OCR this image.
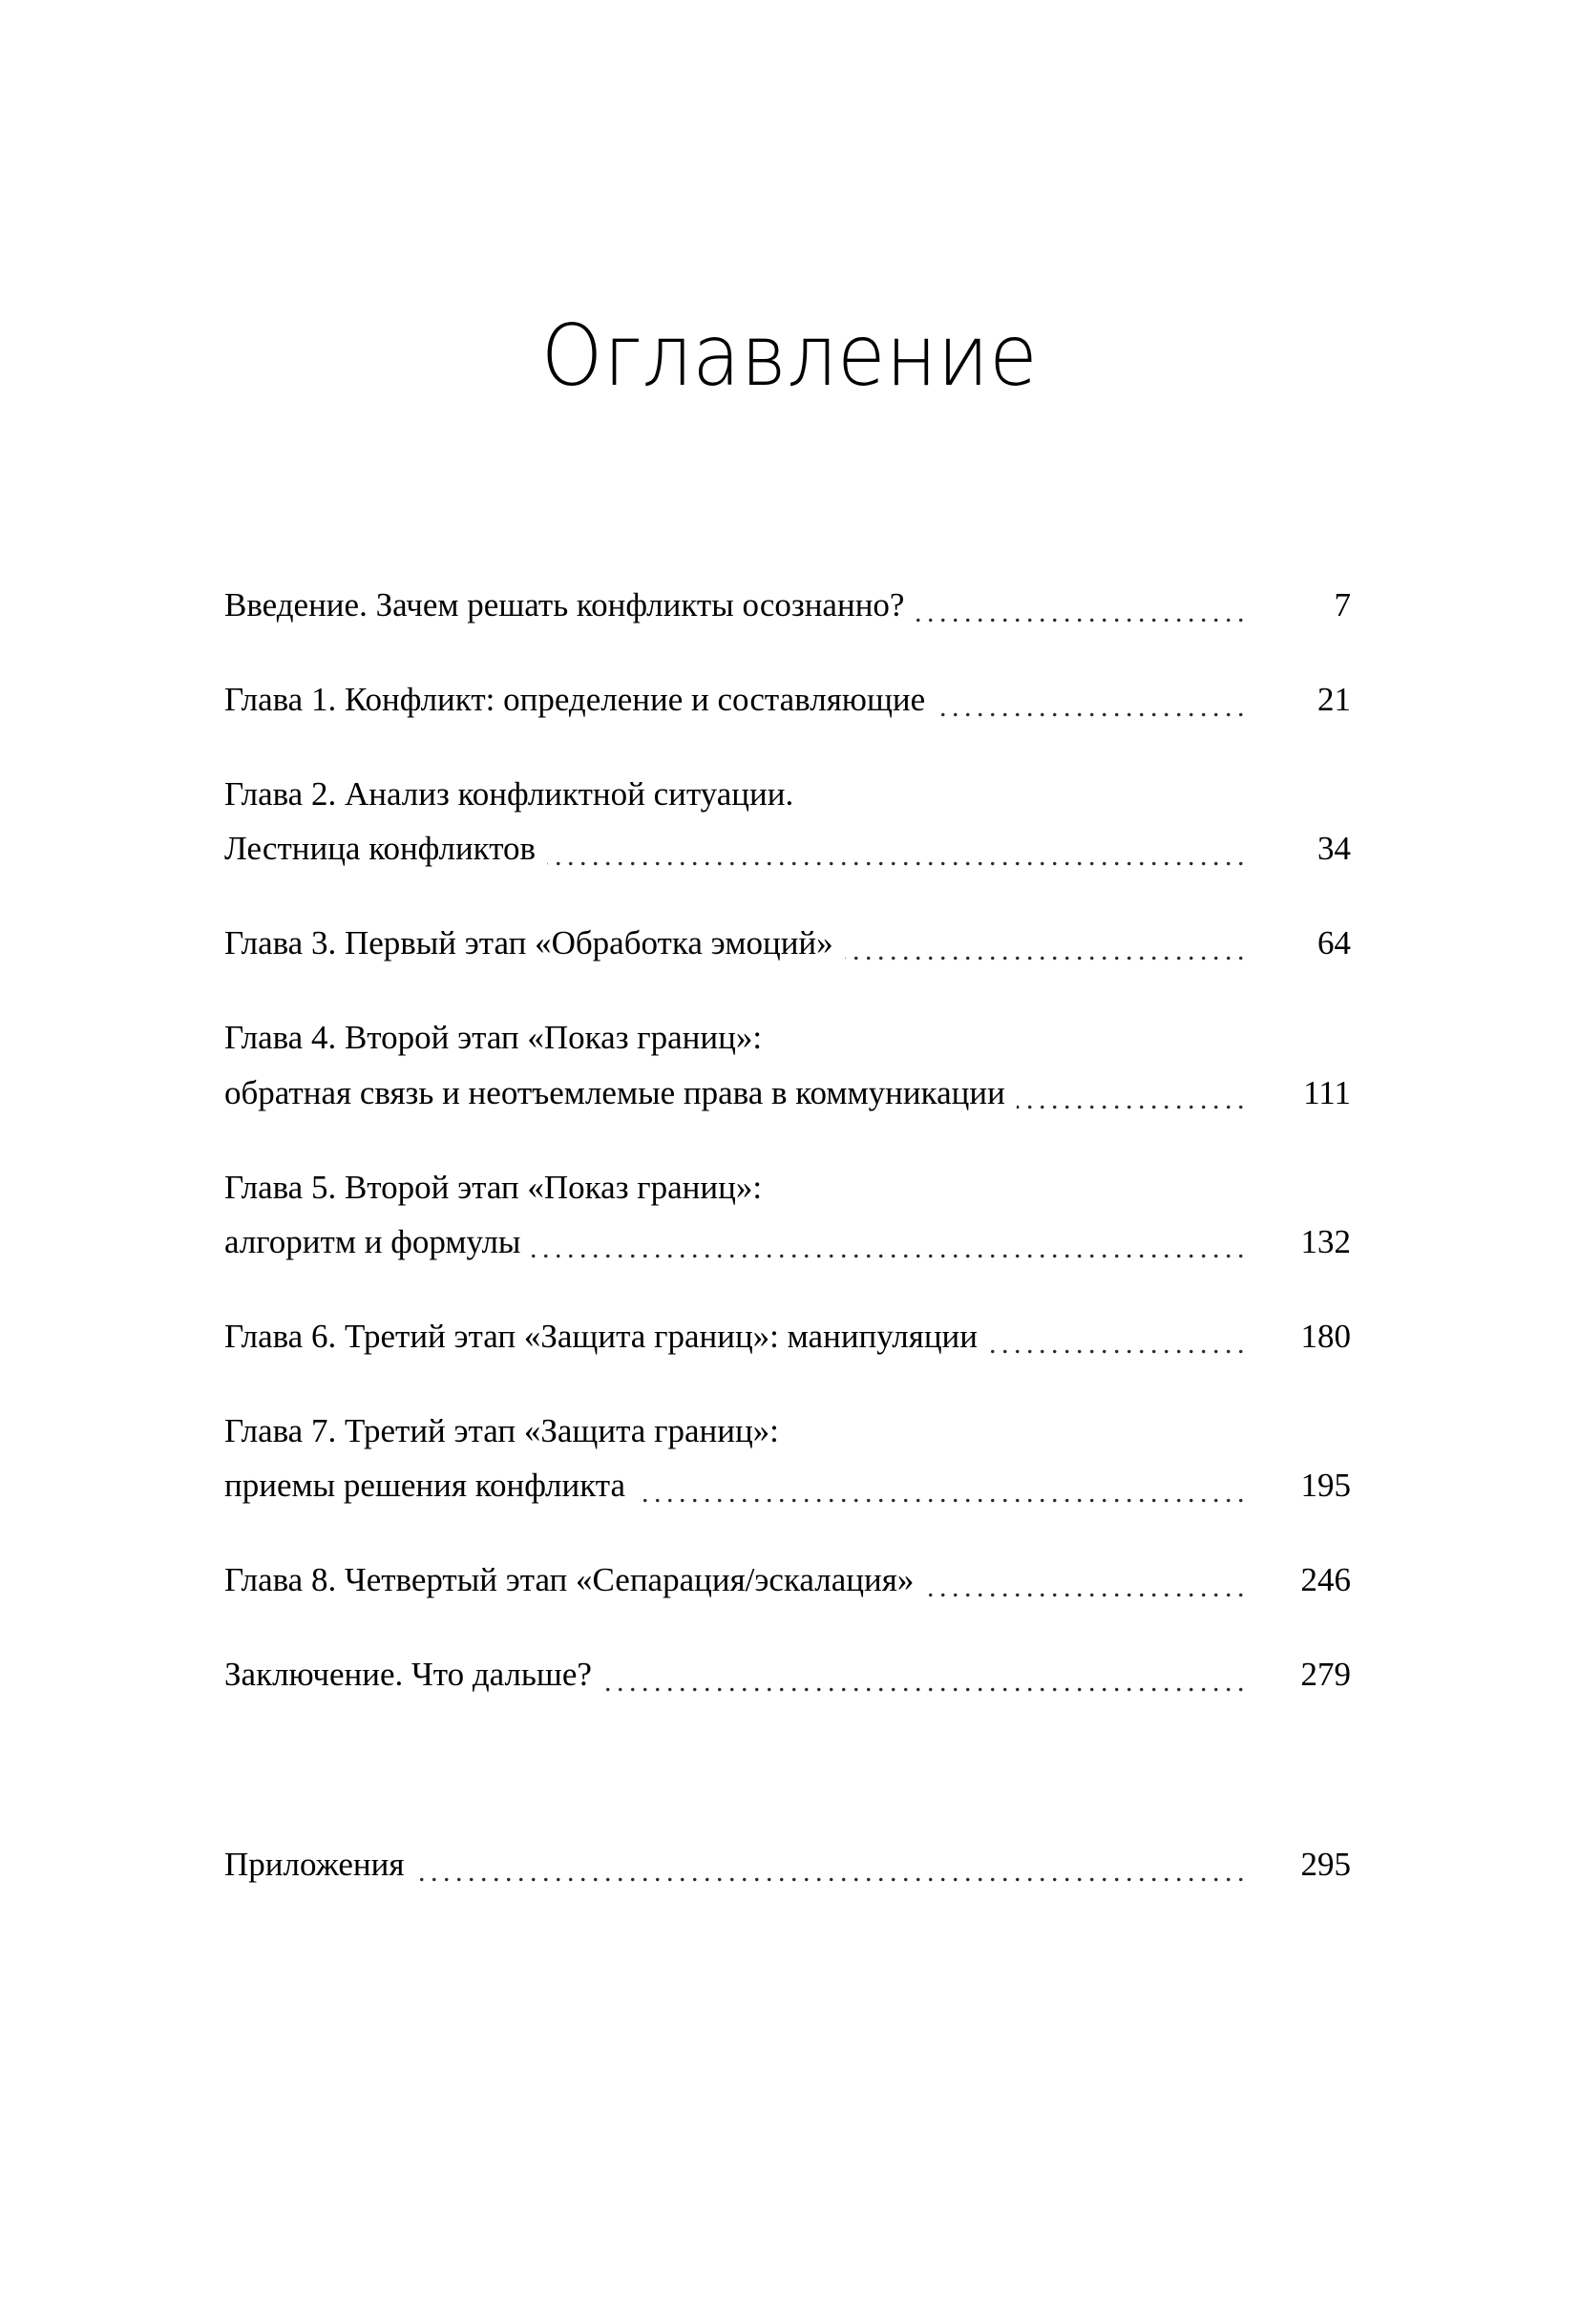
Оглавление
Введение. Зачем решать конфликты осознанно? .....	7
Глава 1. Конфликт: определение и составляющие .....	21
Глава 2. Анализ конфликтной ситуации.
Лестница конфликтов .....	34
Глава 3. Первый этап «Обработка эмоций» .....	64
Глава 4. Второй этап «Показ границ»:
обратная связь и неотъемлемые права в коммуникации .....	111
Глава 5. Второй этап «Показ границ»:
алгоритм и формулы .....	132
Глава 6. Третий этап «Защита границ»: манипуляции .....	180
Глава 7. Третий этап «Защита границ»:
приемы решения конфликта .....	195
Глава 8. Четвертый этап «Сепарация/эскалация» .....	246
Заключение. Что дальше? .....	279
Приложения .....	295
